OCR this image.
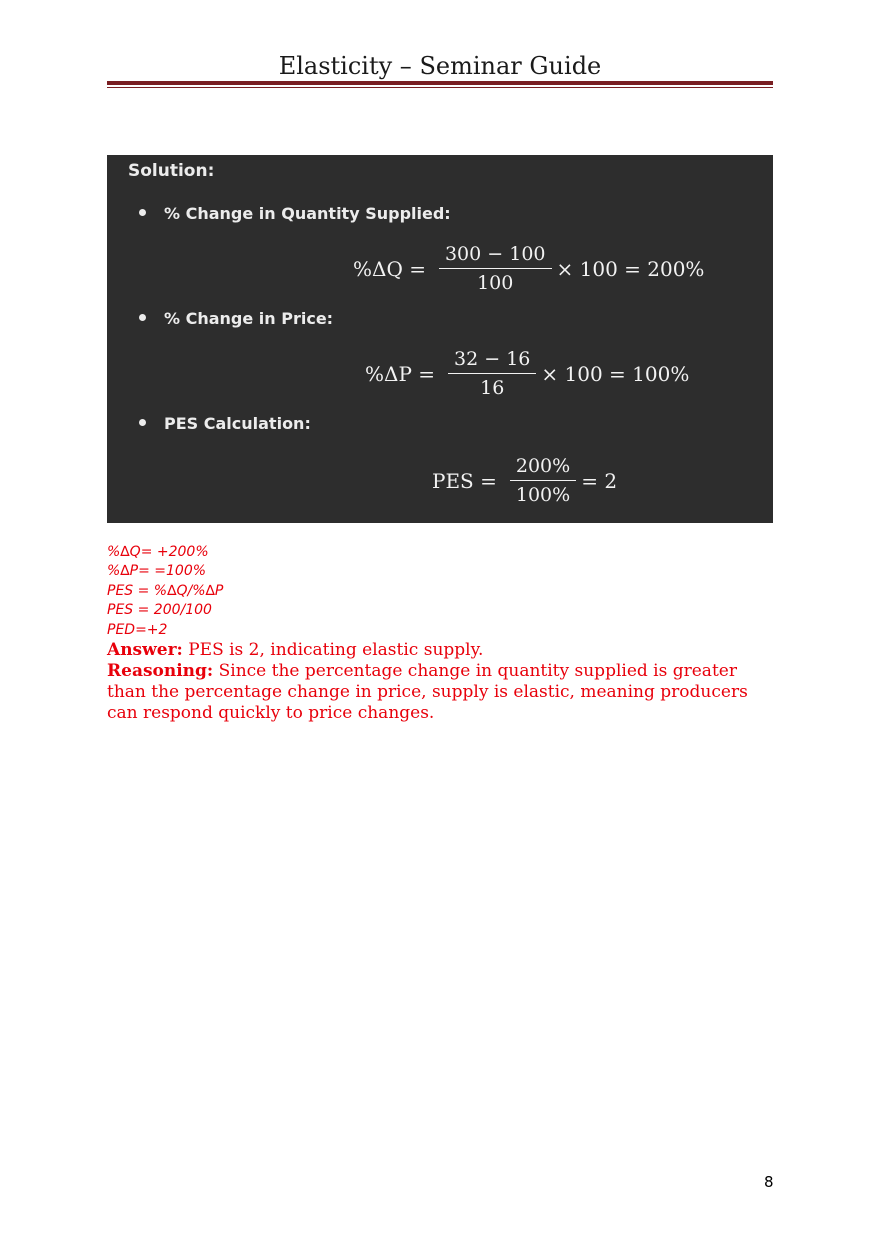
Elasticity – Seminar Guide
Solution:
% Change in Quantity Supplied:
$\%\Delta Q = \frac{300 - 100}{100} \times 100 = 200\%$
% Change in Price:
$\%\Delta P = \frac{32 - 16}{16} \times 100 = 100\%$
PES Calculation:
PES = $\frac{200\%}{100\%} = 2$
%∆Q= +200%
%∆P= =100%
PES = %∆Q/%∆P
PES = 200/100
PED=+2
Answer: PES is 2, indicating elastic supply.
Reasoning: Since the percentage change in quantity supplied is greater than the percentage change in price, supply is elastic, meaning producers can respond quickly to price changes.
8
